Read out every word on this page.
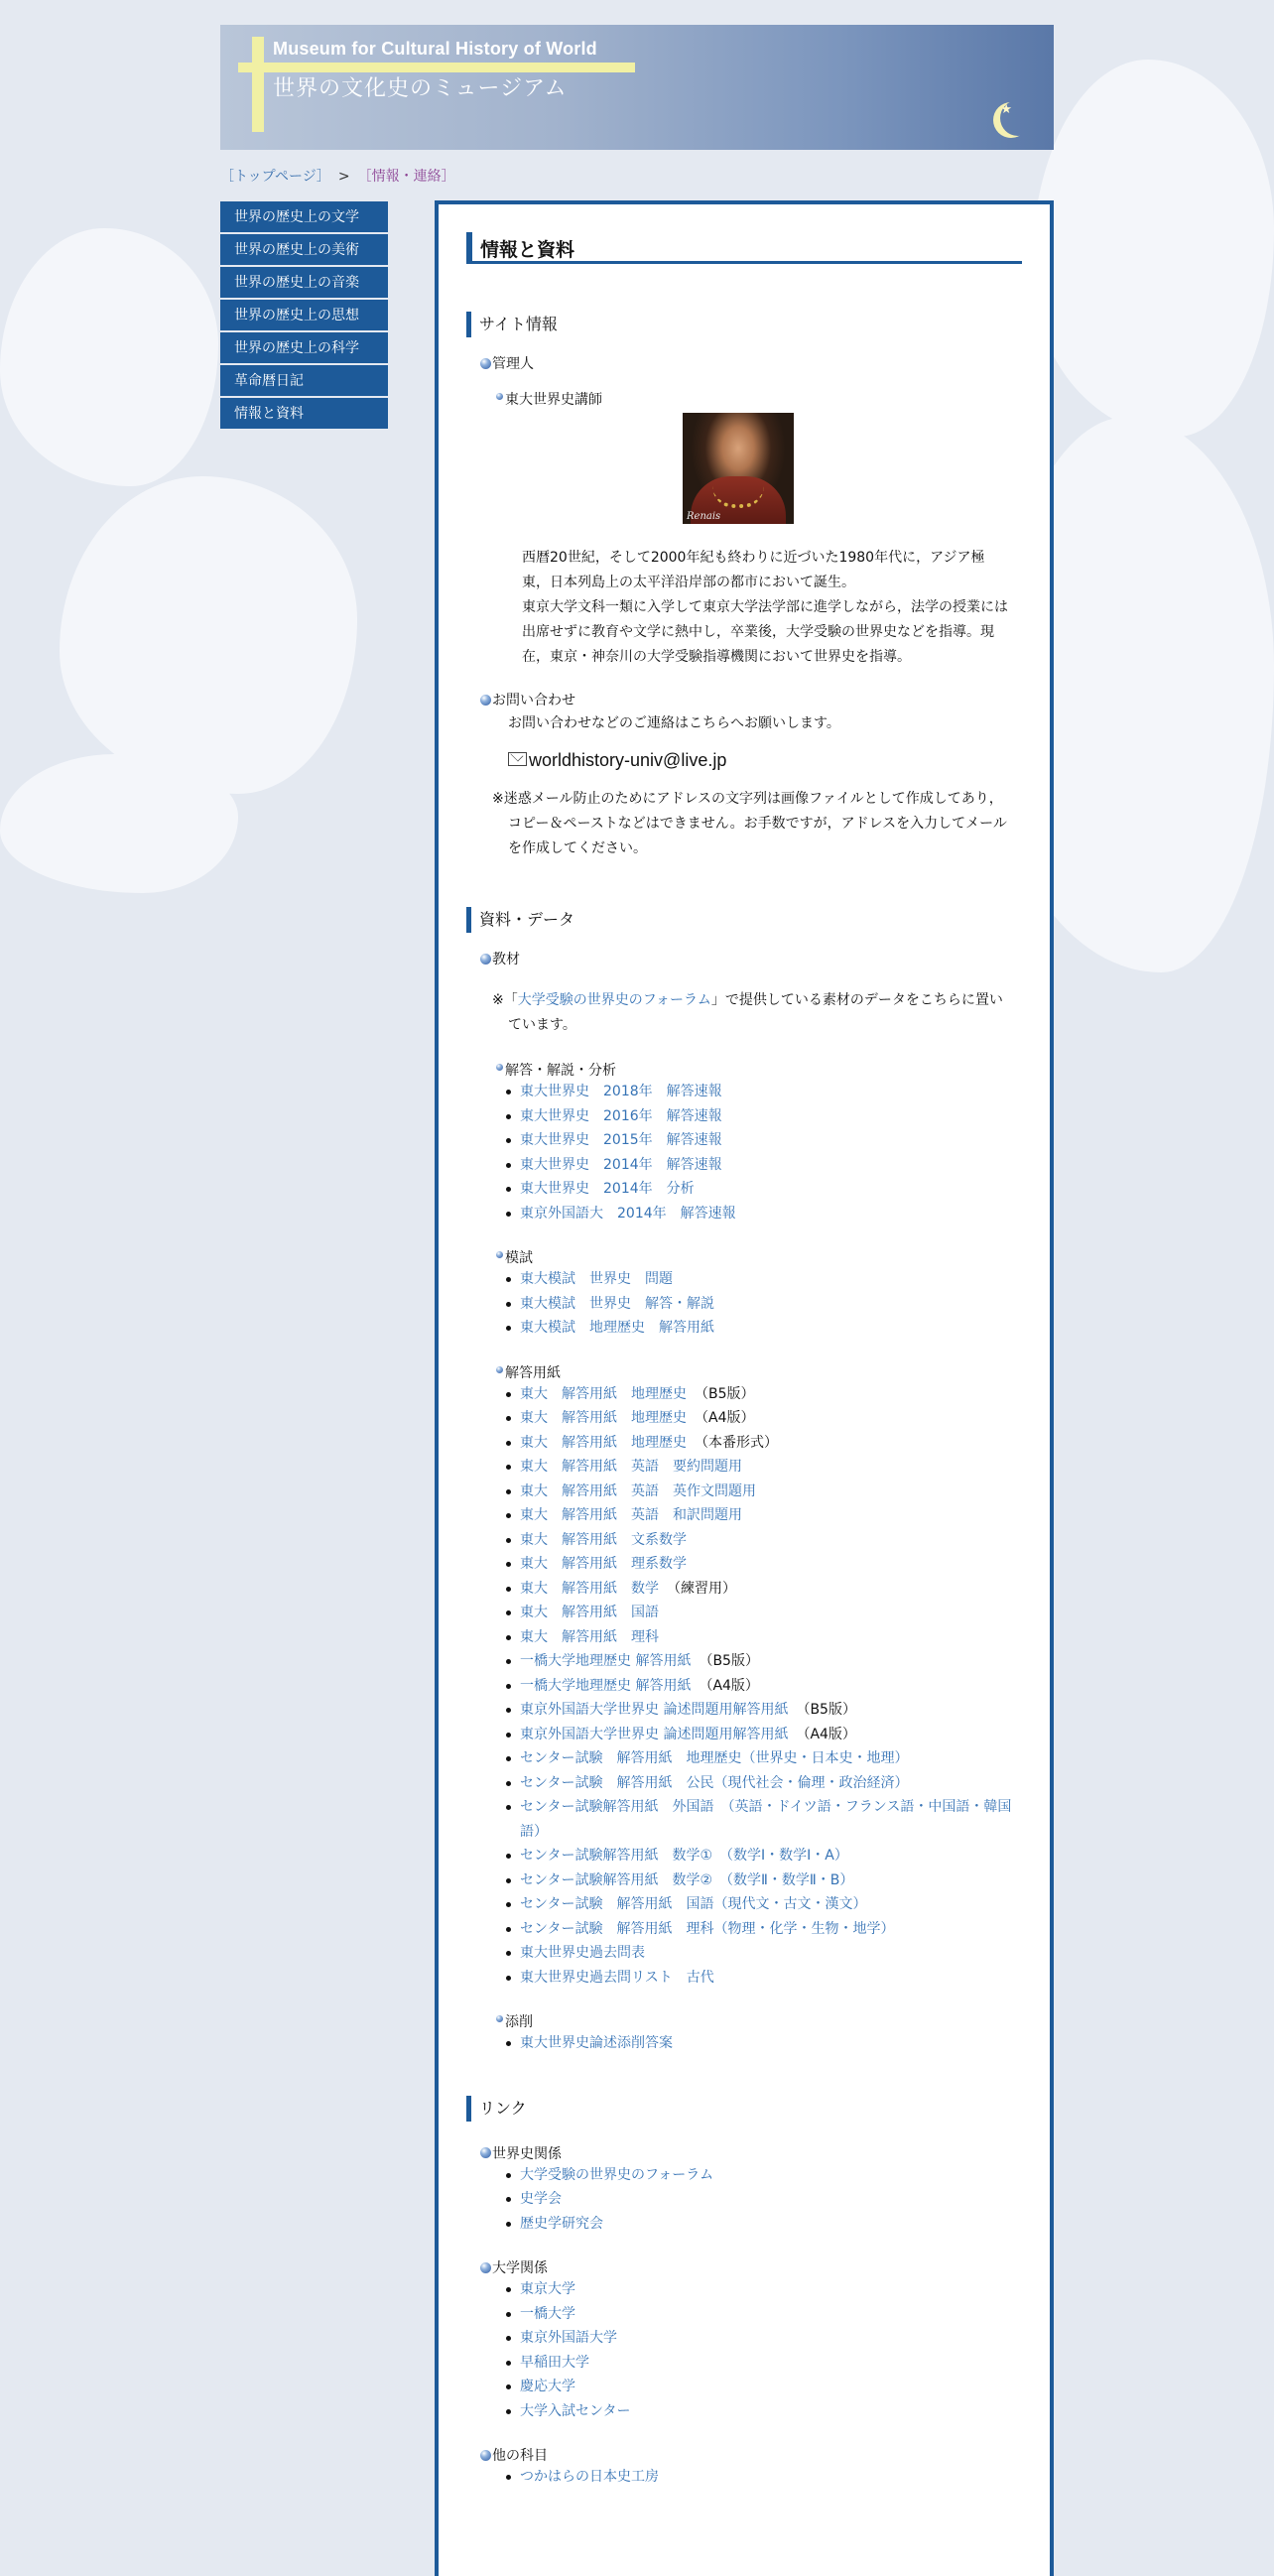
Museum for Cultural History of World
世界の文化史のミュージアム
★
［トップページ］ > ［情報・連絡］
世界の歴史上の文学
世界の歴史上の美術
世界の歴史上の音楽
世界の歴史上の思想
世界の歴史上の科学
革命暦日記
情報と資料
情報と資料
サイト情報
管理人
東大世界史講師
Renais
西暦20世紀，そして2000年紀も終わりに近づいた1980年代に，アジア極東，日本列島上の太平洋沿岸部の都市において誕生。
東京大学文科一類に入学して東京大学法学部に進学しながら，法学の授業には出席せずに教育や文学に熱中し，卒業後，大学受験の世界史などを指導。現在，東京・神奈川の大学受験指導機関において世界史を指導。
お問い合わせ
お問い合わせなどのご連絡はこちらへお願いします。
worldhistory-univ@live.jp
※迷惑メール防止のためにアドレスの文字列は画像ファイルとして作成してあり，コピー＆ペーストなどはできません。お手数ですが，アドレスを入力してメールを作成してください。
資料・データ
教材
※「大学受験の世界史のフォーラム」で提供している素材のデータをこちらに置いています。
解答・解説・分析
東大世界史　2018年　解答速報
東大世界史　2016年　解答速報
東大世界史　2015年　解答速報
東大世界史　2014年　解答速報
東大世界史　2014年　分析
東京外国語大　2014年　解答速報
模試
東大模試　世界史　問題
東大模試　世界史　解答・解説
東大模試　地理歴史　解答用紙
解答用紙
東大　解答用紙　地理歴史 （B5版）
東大　解答用紙　地理歴史 （A4版）
東大　解答用紙　地理歴史 （本番形式）
東大　解答用紙　英語　要約問題用
東大　解答用紙　英語　英作文問題用
東大　解答用紙　英語　和訳問題用
東大　解答用紙　文系数学
東大　解答用紙　理系数学
東大　解答用紙　数学 （練習用）
東大　解答用紙　国語
東大　解答用紙　理科
一橋大学地理歴史 解答用紙 （B5版）
一橋大学地理歴史 解答用紙 （A4版）
東京外国語大学世界史 論述問題用解答用紙 （B5版）
東京外国語大学世界史 論述問題用解答用紙 （A4版）
センター試験　解答用紙　地理歴史（世界史・日本史・地理）
センター試験　解答用紙　公民（現代社会・倫理・政治経済）
センター試験解答用紙　外国語　（英語・ドイツ語・フランス語・中国語・韓国語）
センター試験解答用紙　数学①　（数学Ⅰ・数学Ⅰ・A）
センター試験解答用紙　数学②　（数学Ⅱ・数学Ⅱ・B）
センター試験　解答用紙　国語（現代文・古文・漢文）
センター試験　解答用紙　理科（物理・化学・生物・地学）
東大世界史過去問表
東大世界史過去問リスト　古代
添削
東大世界史論述添削答案
リンク
世界史関係
大学受験の世界史のフォーラム
史学会
歴史学研究会
大学関係
東京大学
一橋大学
東京外国語大学
早稲田大学
慶応大学
大学入試センター
他の科目
つかはらの日本史工房
